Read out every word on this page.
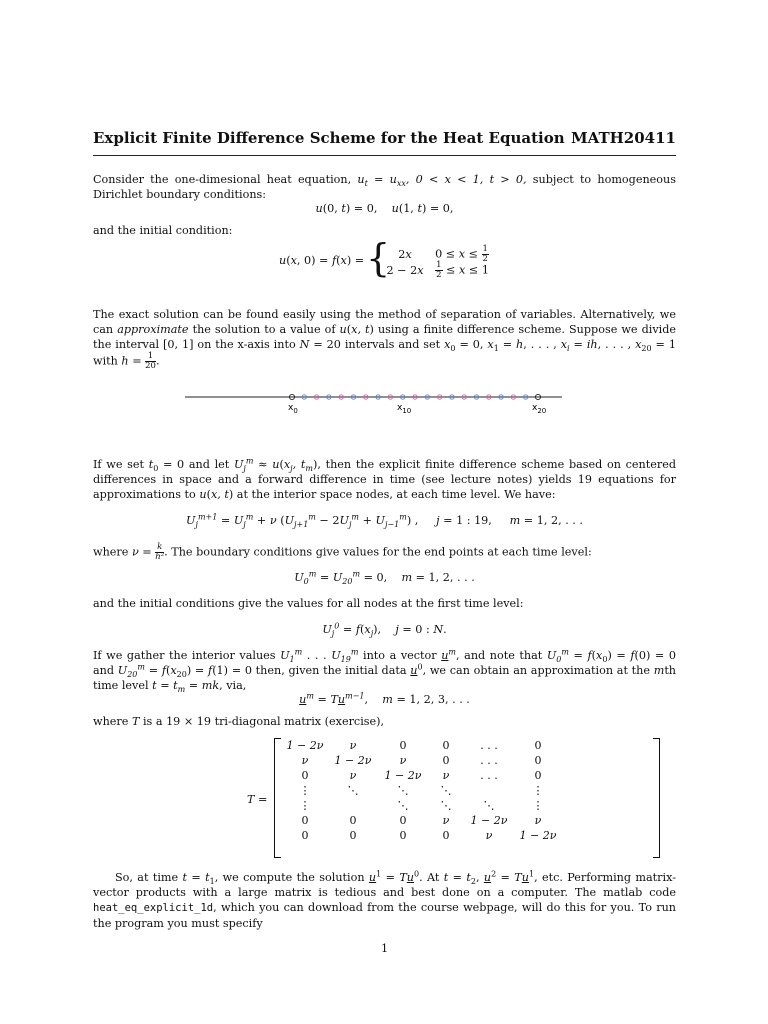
Explicit Finite Difference Scheme for the Heat Equation MATH20411
Consider the one-dimesional heat equation, $u_t = u_{xx}$, 0 < x < 1, t > 0, subject to homogeneous Dirichlet boundary conditions:
u(0, t) = 0,    u(1, t) = 0,
and the initial condition:
u(x, 0) = f(x) = { 2x  $0 \le x \le \frac{1}{2}$
$2 - 2x \frac{1}{2} \le x \le 1$
The exact solution can be found easily using the method of separation of variables. Alternatively, we can approximate the solution to a value of u(x, t) using a finite difference scheme. Suppose we divide the interval [0, 1] on the x-axis into N = 20 intervals and set $x_0 = 0$, $x_1 = h$, . . . , $x_i$ = ih, . . . , $x_{20} = 1$ with $h = \frac{1}{20}$ .
$x_0$	$x_{10}$	$x_{20}$
If we set $t_0 = 0$ and let $U_j^m \approx u(x_j$, $t_m$), then the explicit finite difference scheme based on centered differences in space and a forward difference in time (see lecture notes) yields 19 equations for approximations to u(x, t) at the interior space nodes, at each time level. We have:
$U_j^{m+1} = U_j^m + \nu$ $(U_{j+1}^m - 2U_j^m + U_{j-1}^m)$ ,     j = 1 : 19,     m = 1, 2, . . .
where $\nu = \frac{k}{\text{h²}}$ . The boundary conditions give values for the end points at each time level:
$U_0^m = U_{20}^m = 0$,    m = 1, 2, . . .
and the initial conditions give the values for all nodes at the first time level:
$U_j^0 = f(x_j)$,    j = 0 : N.
If we gather the interior values $U_1^m$ . . . $U_{19}^m$ into a vector $u^m$, and note that $U_0^m = f(x_0) = f(0) = 0$ and $U_{20}^m = f(x_{20}) = f(1) = 0$ then, given the initial data $u^0$, we can obtain an approximation at the mth time level $t = t_m$ = mk, via,
$u^m = Tu^{m-1}$,    m = 1, 2, 3, . . .
where T is a 19 × 19 tri-diagonal matrix (exercise),
T =
1 − 2ν	ν	0	0	. . .	0
ν	1 − 2ν	ν	0	. . .	0
0	ν	1 − 2ν	ν	. . .	0
⋮	⋱	⋱	⋱		⋮
⋮		⋱	⋱	⋱	⋮
0	0	0	ν	1 − 2ν	ν
0	0	0	0	ν	1 − 2ν
So, at time $t = t_1$, we compute the solution $u^1 = Tu^0$. At $t = t_2$, $u^2 = Tu^1$, etc. Performing matrix-vector products with a large matrix is tedious and best done on a computer. The matlab code heat_eq_explicit_1d, which you can download from the course webpage, will do this for you. To run the program you must specify
1
